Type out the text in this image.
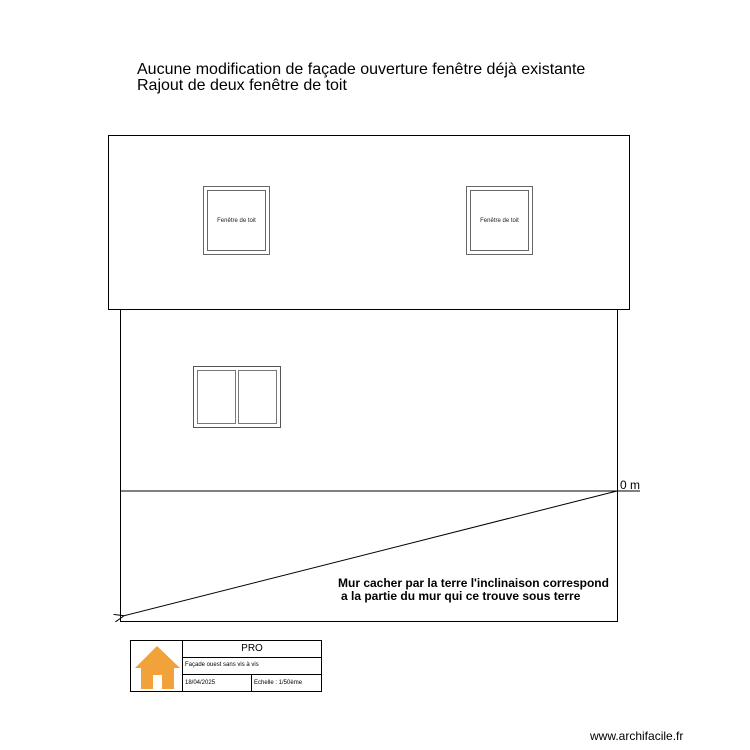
Aucune modification de façade ouverture fenêtre déjà existante
Rajout de deux fenêtre de toit
Fenêtre de toit	Fenêtre de toit
0 m
Mur cacher par la terre l'inclinaison correspond
a la partie du mur qui ce trouve sous terre
PRO
Façade ouest sans vis à vis
18/04/2025	Echelle : 1/50ème
www.archifacile.fr
